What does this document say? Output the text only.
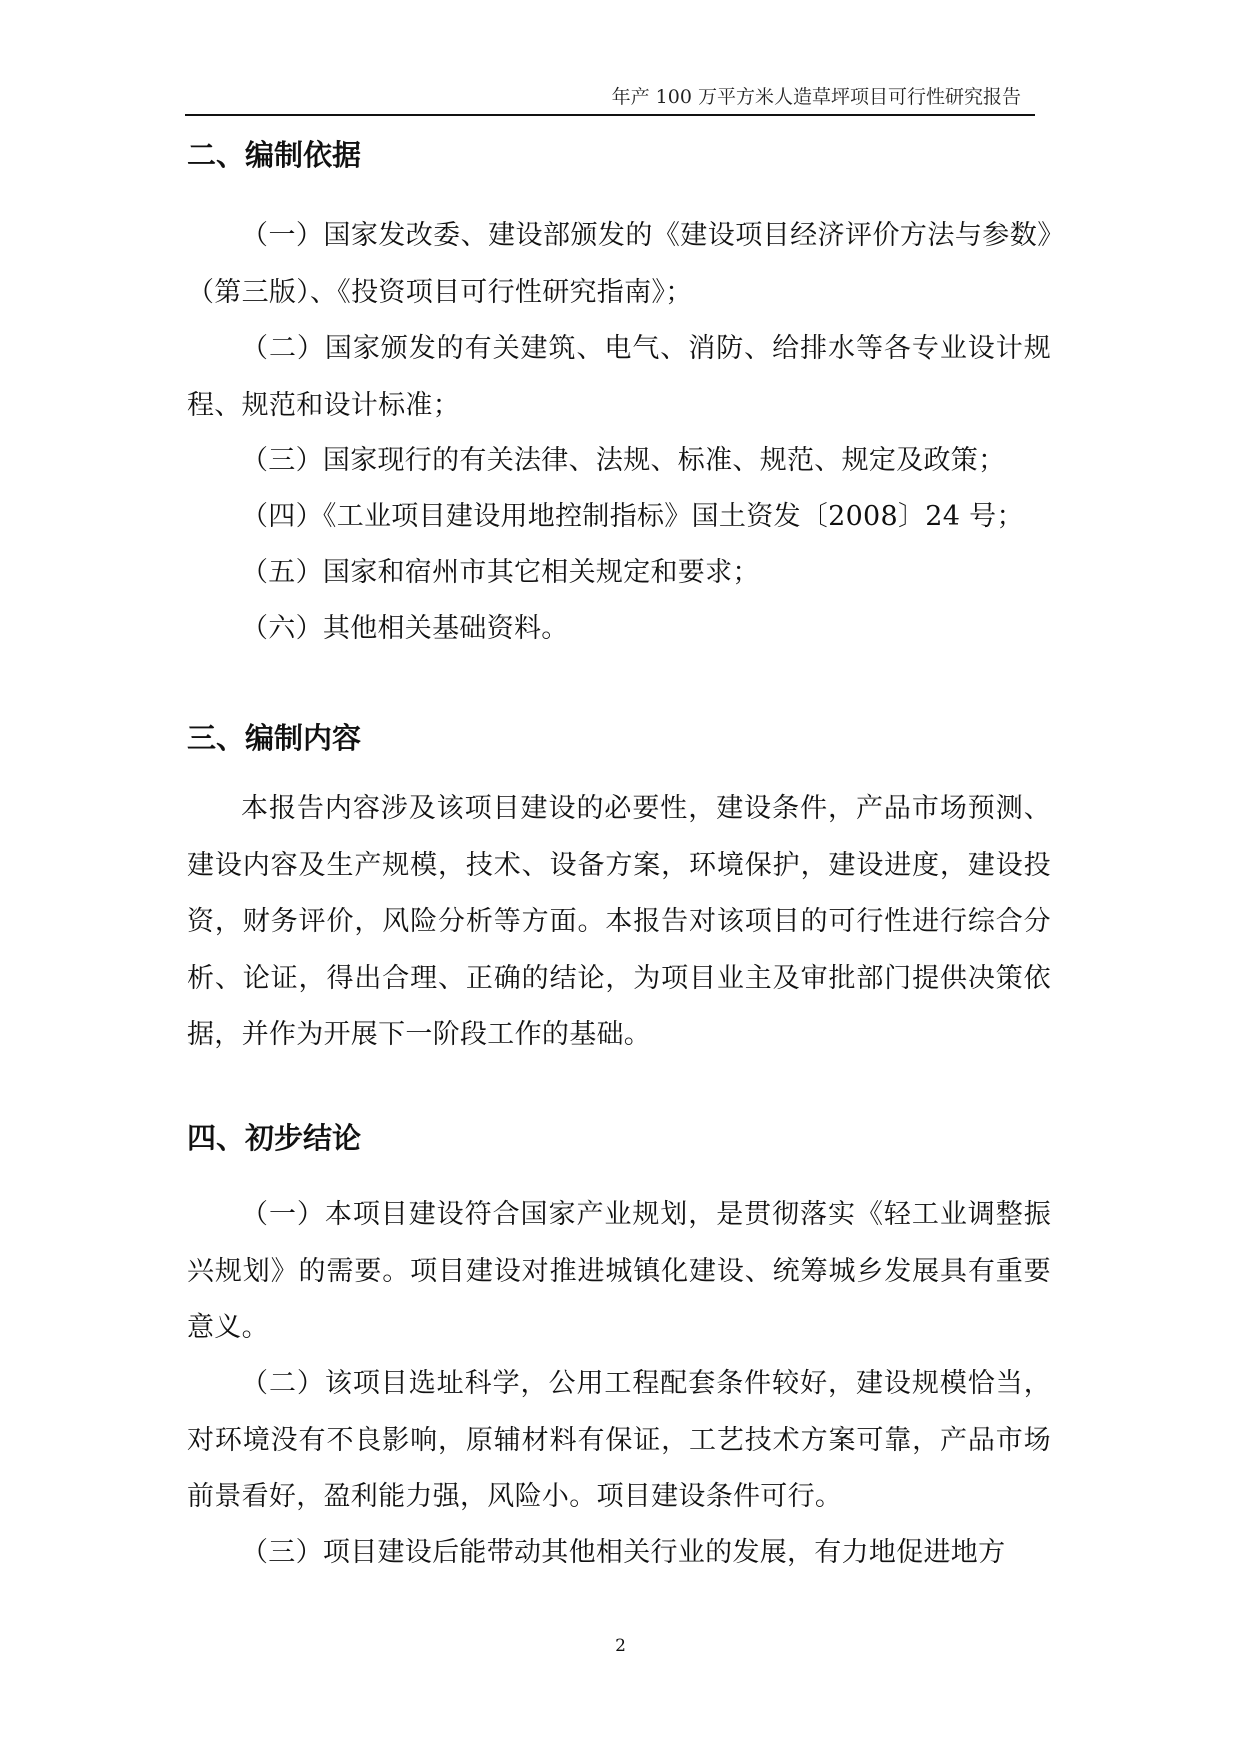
年产 100 万平方米人造草坪项目可行性研究报告
二、编制依据

（一）国家发改委、建设部颁发的《建设项目经济评价方法与参数》（第三版）、《投资项目可行性研究指南》；

（二）国家颁发的有关建筑、电气、消防、给排水等各专业设计规程、规范和设计标准；

（三）国家现行的有关法律、法规、标准、规范、规定及政策；

（四）《工业项目建设用地控制指标》国土资发〔2008〕24 号；

（五）国家和宿州市其它相关规定和要求；

（六）其他相关基础资料。

三、编制内容

本报告内容涉及该项目建设的必要性，建设条件，产品市场预测、建设内容及生产规模，技术、设备方案，环境保护，建设进度，建设投资，财务评价，风险分析等方面。本报告对该项目的可行性进行综合分析、论证，得出合理、正确的结论，为项目业主及审批部门提供决策依据，并作为开展下一阶段工作的基础。

四、初步结论

（一）本项目建设符合国家产业规划，是贯彻落实《轻工业调整振兴规划》的需要。项目建设对推进城镇化建设、统筹城乡发展具有重要意义。

（二）该项目选址科学，公用工程配套条件较好，建设规模恰当，对环境没有不良影响，原辅材料有保证，工艺技术方案可靠，产品市场前景看好，盈利能力强，风险小。项目建设条件可行。

（三）项目建设后能带动其他相关行业的发展，有力地促进地方

2
